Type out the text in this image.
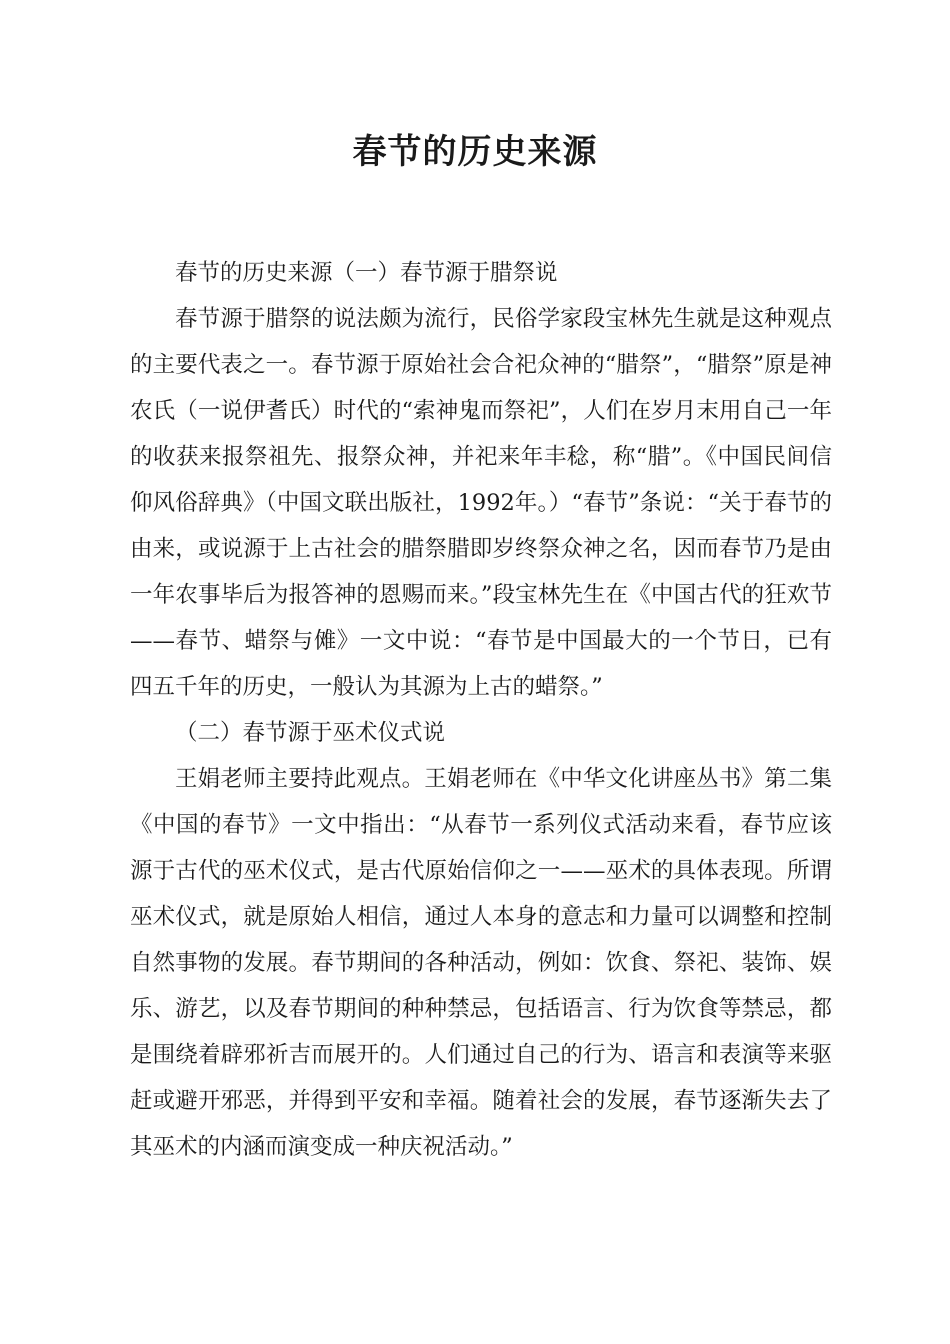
春节的历史来源

春节的历史来源（一）春节源于腊祭说

春节源于腊祭的说法颇为流行，民俗学家段宝林先生就是这种观点的主要代表之一。春节源于原始社会合祀众神的“腊祭”，“腊祭”原是神农氏（一说伊耆氏）时代的“索神鬼而祭祀”，人们在岁月末用自己一年的收获来报祭祖先、报祭众神，并祀来年丰稔，称“腊”。《中国民间信仰风俗辞典》（中国文联出版社，1992年。）“春节”条说：“关于春节的由来，或说源于上古社会的腊祭腊即岁终祭众神之名，因而春节乃是由一年农事毕后为报答神的恩赐而来。”段宝林先生在《中国古代的狂欢节——春节、蜡祭与傩》一文中说：“春节是中国最大的一个节日，已有四五千年的历史，一般认为其源为上古的蜡祭。”

（二）春节源于巫术仪式说

王娟老师主要持此观点。王娟老师在《中华文化讲座丛书》第二集《中国的春节》一文中指出：“从春节一系列仪式活动来看，春节应该源于古代的巫术仪式，是古代原始信仰之一——巫术的具体表现。所谓巫术仪式，就是原始人相信，通过人本身的意志和力量可以调整和控制自然事物的发展。春节期间的各种活动，例如：饮食、祭祀、装饰、娱乐、游艺，以及春节期间的种种禁忌，包括语言、行为饮食等禁忌，都是围绕着辟邪祈吉而展开的。人们通过自己的行为、语言和表演等来驱赶或避开邪恶，并得到平安和幸福。随着社会的发展，春节逐渐失去了其巫术的内涵而演变成一种庆祝活动。”
